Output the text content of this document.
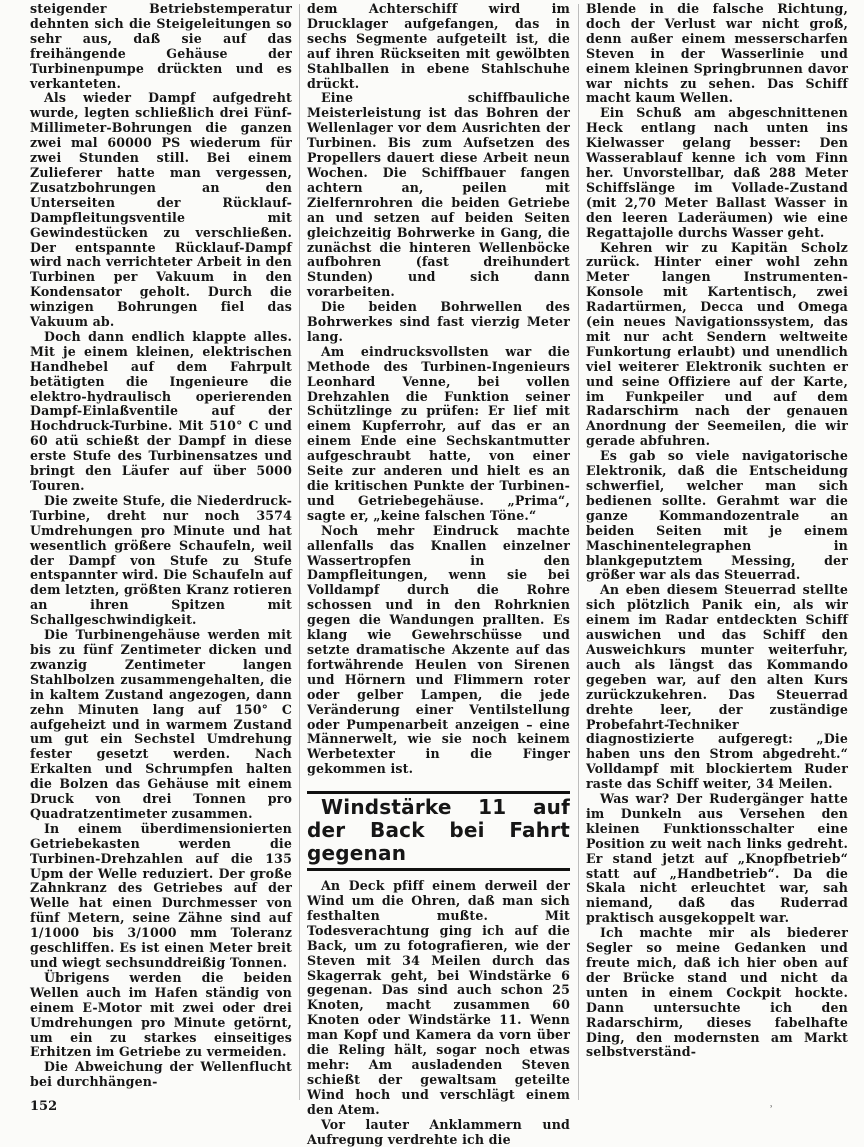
steigender Betriebstemperatur dehnten sich die Steigeleitungen so sehr aus, daß sie auf das freihängende Gehäuse der Turbinenpumpe drückten und es verkanteten.

Als wieder Dampf aufgedreht wurde, legten schließlich drei Fünf-Millimeter-Bohrungen die ganzen zwei mal 60000 PS wiederum für zwei Stunden still. Bei einem Zulieferer hatte man vergessen, Zusatzbohrungen an den Unterseiten der Rücklauf-Dampfleitungsventile mit Gewindestücken zu verschließen. Der entspannte Rücklauf-Dampf wird nach verrichteter Arbeit in den Turbinen per Vakuum in den Kondensator geholt. Durch die winzigen Bohrungen fiel das Vakuum ab.

Doch dann endlich klappte alles. Mit je einem kleinen, elektrischen Handhebel auf dem Fahrpult betätigten die Ingenieure die elektro-hydraulisch operierenden Dampf-Einlaßventile auf der Hochdruck-Turbine. Mit 510° C und 60 atü schießt der Dampf in diese erste Stufe des Turbinensatzes und bringt den Läufer auf über 5000 Touren.

Die zweite Stufe, die Niederdruck-Turbine, dreht nur noch 3574 Umdrehungen pro Minute und hat wesentlich größere Schaufeln, weil der Dampf von Stufe zu Stufe entspannter wird. Die Schaufeln auf dem letzten, größten Kranz rotieren an ihren Spitzen mit Schallgeschwindigkeit.

Die Turbinengehäuse werden mit bis zu fünf Zentimeter dicken und zwanzig Zentimeter langen Stahlbolzen zusammengehalten, die in kaltem Zustand angezogen, dann zehn Minuten lang auf 150° C aufgeheizt und in warmem Zustand um gut ein Sechstel Umdrehung fester gesetzt werden. Nach Erkalten und Schrumpfen halten die Bolzen das Gehäuse mit einem Druck von drei Tonnen pro Quadratzentimeter zusammen.

In einem überdimensionierten Getriebekasten werden die Turbinen-Drehzahlen auf die 135 Upm der Welle reduziert. Der große Zahnkranz des Getriebes auf der Welle hat einen Durchmesser von fünf Metern, seine Zähne sind auf 1/1000 bis 3/1000 mm Toleranz geschliffen. Es ist einen Meter breit und wiegt sechsunddreißig Tonnen.

Übrigens werden die beiden Wellen auch im Hafen ständig von einem E-Motor mit zwei oder drei Umdrehungen pro Minute getörnt, um ein zu starkes einseitiges Erhitzen im Getriebe zu vermeiden.

Die Abweichung der Wellenflucht bei durchhängen-

dem Achterschiff wird im Drucklager aufgefangen, das in sechs Segmente aufgeteilt ist, die auf ihren Rückseiten mit gewölbten Stahlballen in ebene Stahlschuhe drückt.

Eine schiffbauliche Meisterleistung ist das Bohren der Wellenlager vor dem Ausrichten der Turbinen. Bis zum Aufsetzen des Propellers dauert diese Arbeit neun Wochen. Die Schiffbauer fangen achtern an, peilen mit Zielfernrohren die beiden Getriebe an und setzen auf beiden Seiten gleichzeitig Bohrwerke in Gang, die zunächst die hinteren Wellenböcke aufbohren (fast dreihundert Stunden) und sich dann vorarbeiten.

Die beiden Bohrwellen des Bohrwerkes sind fast vierzig Meter lang.

Am eindrucksvollsten war die Methode des Turbinen-Ingenieurs Leonhard Venne, bei vollen Drehzahlen die Funktion seiner Schützlinge zu prüfen: Er lief mit einem Kupferrohr, auf das er an einem Ende eine Sechskantmutter aufgeschraubt hatte, von einer Seite zur anderen und hielt es an die kritischen Punkte der Turbinen- und Getriebegehäuse. „Prima“, sagte er, „keine falschen Töne.“

Noch mehr Eindruck machte allenfalls das Knallen einzelner Wassertropfen in den Dampfleitungen, wenn sie bei Volldampf durch die Rohre schossen und in den Rohrknien gegen die Wandungen prallten. Es klang wie Gewehrschüsse und setzte dramatische Akzente auf das fortwährende Heulen von Sirenen und Hörnern und Flimmern roter oder gelber Lampen, die jede Veränderung einer Ventilstellung oder Pumpenarbeit anzeigen – eine Männerwelt, wie sie noch keinem Werbetexter in die Finger gekommen ist.

Windstärke 11 auf der Back bei Fahrt gegenan

An Deck pfiff einem derweil der Wind um die Ohren, daß man sich festhalten mußte. Mit Todesverachtung ging ich auf die Back, um zu fotografieren, wie der Steven mit 34 Meilen durch das Skagerrak geht, bei Windstärke 6 gegenan. Das sind auch schon 25 Knoten, macht zusammen 60 Knoten oder Windstärke 11. Wenn man Kopf und Kamera da vorn über die Reling hält, sogar noch etwas mehr: Am ausladenden Steven schießt der gewaltsam geteilte Wind hoch und verschlägt einem den Atem.

Vor lauter Anklammern und Aufregung verdrehte ich die

Blende in die falsche Richtung, doch der Verlust war nicht groß, denn außer einem messerscharfen Steven in der Wasserlinie und einem kleinen Springbrunnen davor war nichts zu sehen. Das Schiff macht kaum Wellen.

Ein Schuß am abgeschnittenen Heck entlang nach unten ins Kielwasser gelang besser: Den Wasserablauf kenne ich vom Finn her. Unvorstellbar, daß 288 Meter Schiffslänge im Vollade-Zustand (mit 2,70 Meter Ballast Wasser in den leeren Laderäumen) wie eine Regattajolle durchs Wasser geht.

Kehren wir zu Kapitän Scholz zurück. Hinter einer wohl zehn Meter langen Instrumenten-Konsole mit Kartentisch, zwei Radartürmen, Decca und Omega (ein neues Navigationssystem, das mit nur acht Sendern weltweite Funkortung erlaubt) und unendlich viel weiterer Elektronik suchten er und seine Offiziere auf der Karte, im Funkpeiler und auf dem Radarschirm nach der genauen Anordnung der Seemeilen, die wir gerade abfuhren.

Es gab so viele navigatorische Elektronik, daß die Entscheidung schwerfiel, welcher man sich bedienen sollte. Gerahmt war die ganze Kommandozentrale an beiden Seiten mit je einem Maschinentelegraphen in blankgeputztem Messing, der größer war als das Steuerrad.

An eben diesem Steuerrad stellte sich plötzlich Panik ein, als wir einem im Radar entdeckten Schiff auswichen und das Schiff den Ausweichkurs munter weiterfuhr, auch als längst das Kommando gegeben war, auf den alten Kurs zurückzukehren. Das Steuerrad drehte leer, der zuständige Probefahrt-Techniker diagnostizierte aufgeregt: „Die haben uns den Strom abgedreht.“ Volldampf mit blockiertem Ruder raste das Schiff weiter, 34 Meilen.

Was war? Der Rudergänger hatte im Dunkeln aus Versehen den kleinen Funktionsschalter eine Position zu weit nach links gedreht. Er stand jetzt auf „Knopfbetrieb“ statt auf „Handbetrieb“. Da die Skala nicht erleuchtet war, sah niemand, daß das Ruderrad praktisch ausgekoppelt war.

Ich machte mir als biederer Segler so meine Gedanken und freute mich, daß ich hier oben auf der Brücke stand und nicht da unten in einem Cockpit hockte. Dann untersuchte ich den Radarschirm, dieses fabelhafte Ding, den modernsten am Markt selbstverständ-

152	˒
